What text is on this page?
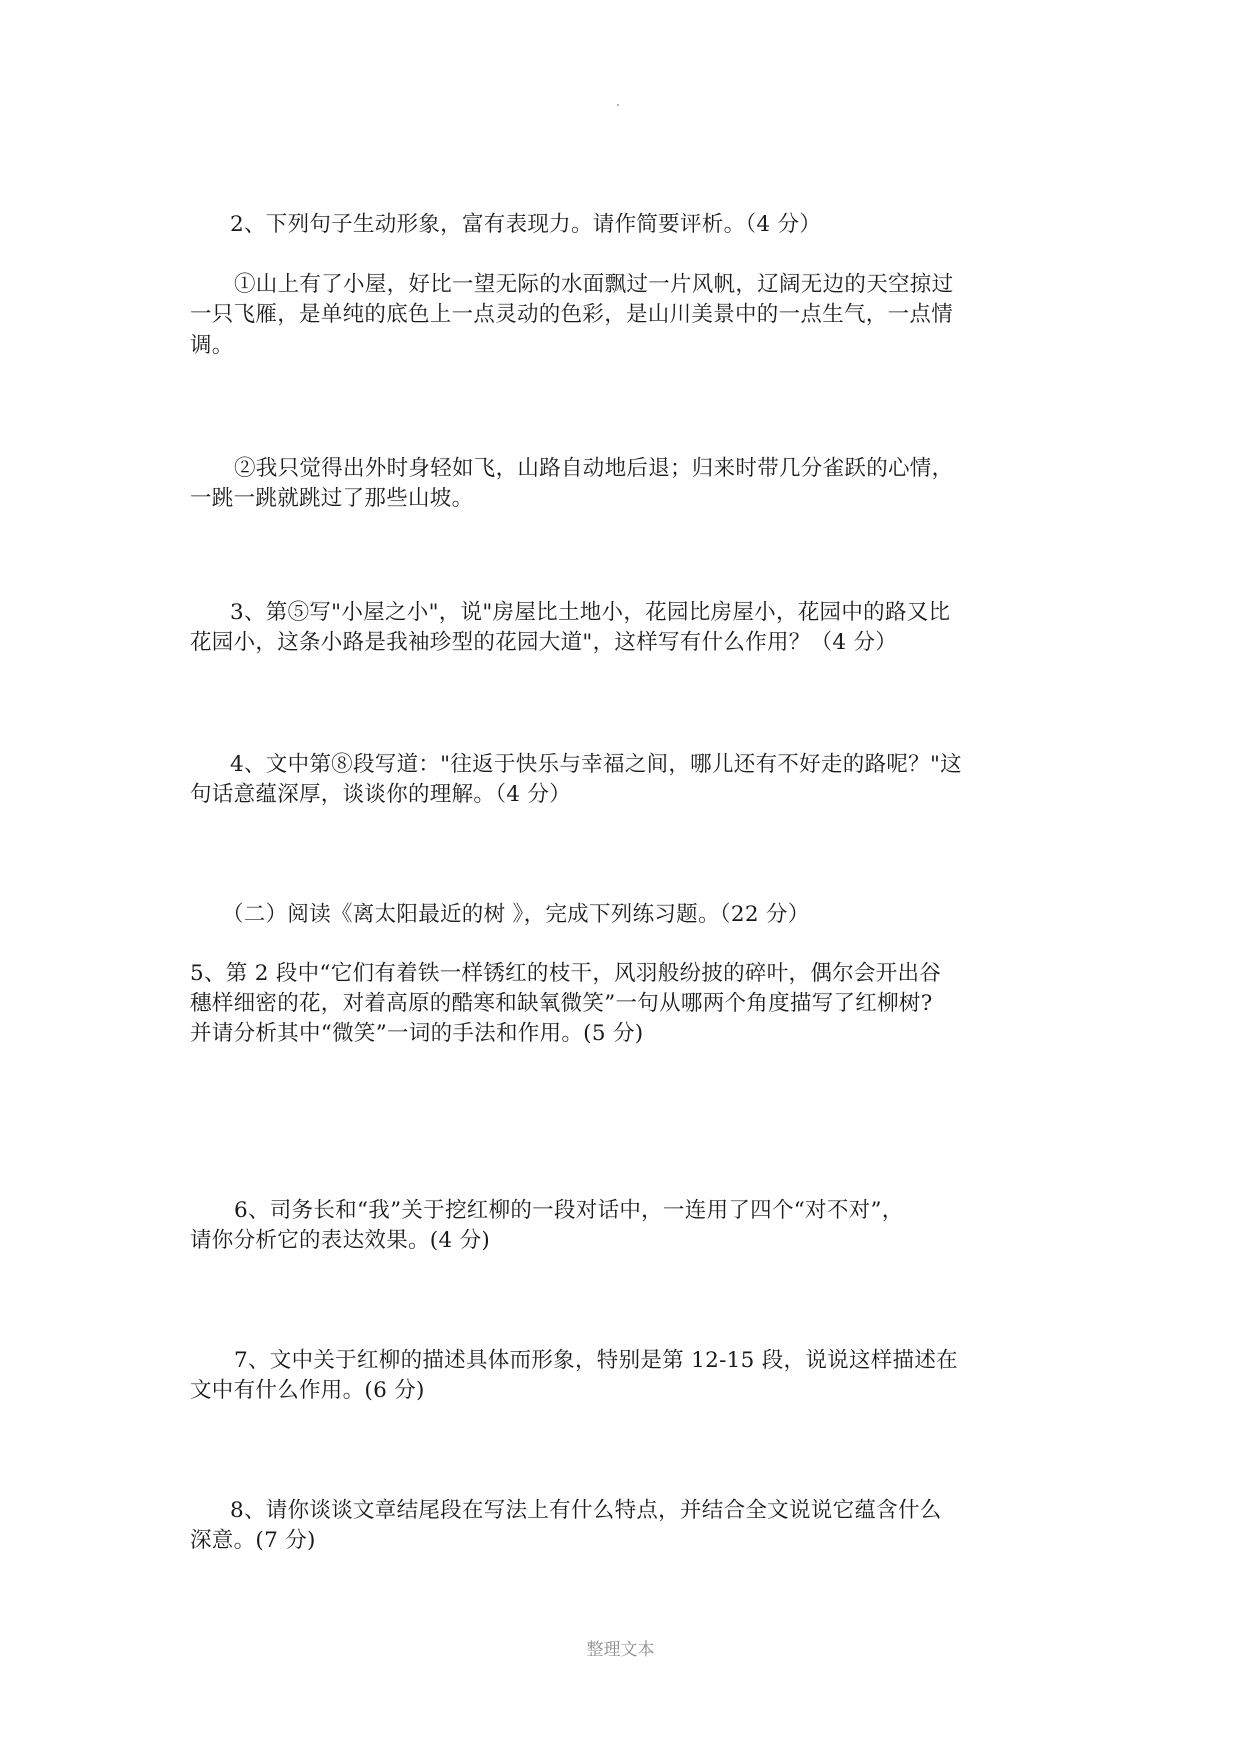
2、下列句子生动形象，富有表现力。请作简要评析。（4 分）
①山上有了小屋，好比一望无际的水面飘过一片风帆，辽阔无边的天空掠过
一只飞雁，是单纯的底色上一点灵动的色彩，是山川美景中的一点生气，一点情
调。
②我只觉得出外时身轻如飞，山路自动地后退；归来时带几分雀跃的心情，
一跳一跳就跳过了那些山坡。
3、第⑤写"小屋之小"，说"房屋比土地小，花园比房屋小，花园中的路又比
花园小，这条小路是我袖珍型的花园大道"，这样写有什么作用？（4 分）
4、文中第⑧段写道："往返于快乐与幸福之间，哪儿还有不好走的路呢？"这
句话意蕴深厚，谈谈你的理解。（4 分）
（二）阅读《离太阳最近的树 》，完成下列练习题。（22 分）
5、第 2 段中“它们有着铁一样锈红的枝干，风羽般纷披的碎叶，偶尔会开出谷
穗样细密的花，对着高原的酷寒和缺氧微笑”一句从哪两个角度描写了红柳树?
并请分析其中“微笑”一词的手法和作用。(5 分)
6、司务长和“我”关于挖红柳的一段对话中，一连用了四个“对不对”，
请你分析它的表达效果。(4 分)
7、文中关于红柳的描述具体而形象，特别是第 12-15 段，说说这样描述在
文中有什么作用。(6 分)
8、请你谈谈文章结尾段在写法上有什么特点，并结合全文说说它蕴含什么
深意。(7 分)
整理文本
